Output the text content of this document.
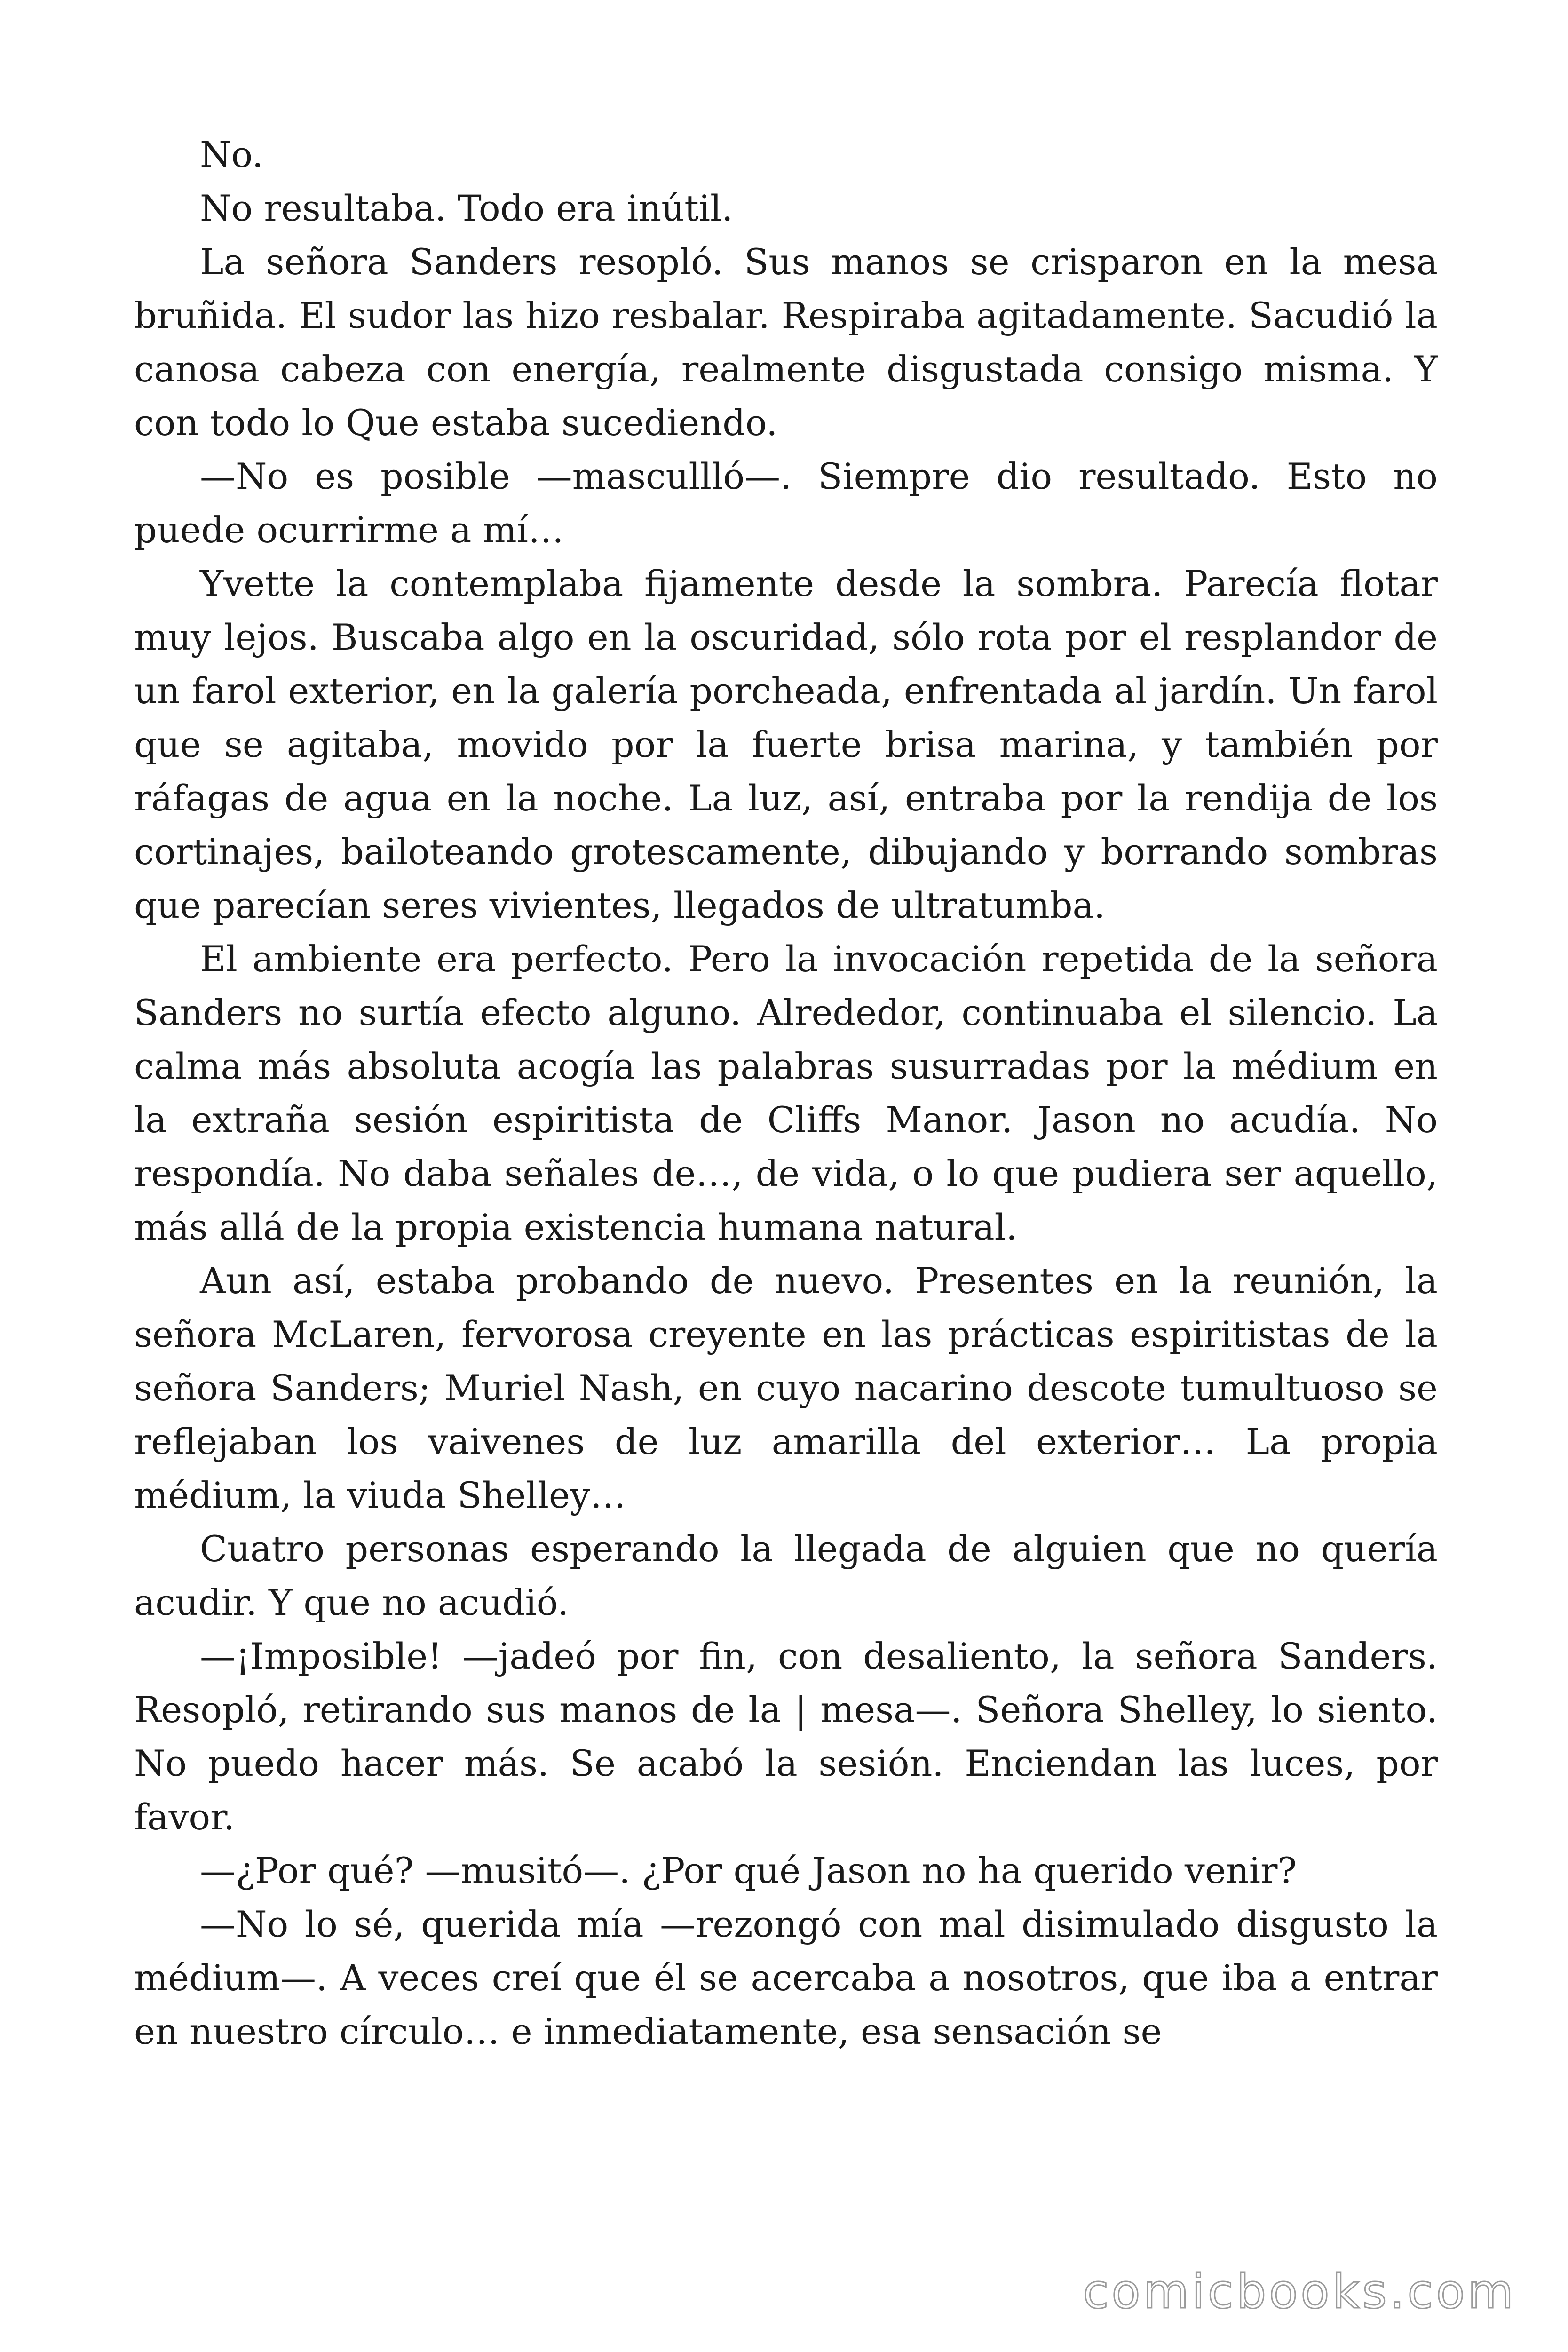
No.

No resultaba. Todo era inútil.

La señora Sanders resopló. Sus manos se crisparon en la mesa bruñida. El sudor las hizo resbalar. Respiraba agitadamente. Sacudió la canosa cabeza con energía, realmente disgustada consigo misma. Y con todo lo Que estaba sucediendo.

—No es posible —mascullló—. Siempre dio resultado. Esto no puede ocurrirme a mí…

Yvette la contemplaba fijamente desde la sombra. Parecía flotar muy lejos. Buscaba algo en la oscuridad, sólo rota por el resplandor de un farol exterior, en la galería porcheada, enfrentada al jardín. Un farol que se agitaba, movido por la fuerte brisa marina, y también por ráfagas de agua en la noche. La luz, así, entraba por la rendija de los cortinajes, bailoteando grotescamente, dibujando y borrando sombras que parecían seres vivientes, llegados de ultratumba.

El ambiente era perfecto. Pero la invocación repetida de la señora Sanders no surtía efecto alguno. Alrededor, continuaba el silencio. La calma más absoluta acogía las palabras susurradas por la médium en la extraña sesión espiritista de Cliffs Manor. Jason no acudía. No respondía. No daba señales de…, de vida, o lo que pudiera ser aquello, más allá de la propia existencia humana natural.

Aun así, estaba probando de nuevo. Presentes en la reunión, la señora McLaren, fervorosa creyente en las prácticas espiritistas de la señora Sanders; Muriel Nash, en cuyo nacarino descote tumultuoso se reflejaban los vaivenes de luz amarilla del exterior… La propia médium, la viuda Shelley…

Cuatro personas esperando la llegada de alguien que no quería acudir. Y que no acudió.

—¡Imposible! —jadeó por fin, con desaliento, la señora Sanders. Resopló, retirando sus manos de la | mesa—. Señora Shelley, lo siento. No puedo hacer más. Se acabó la sesión. Enciendan las luces, por favor.

—¿Por qué? —musitó—. ¿Por qué Jason no ha querido venir?

—No lo sé, querida mía —rezongó con mal disimulado disgusto la médium—. A veces creí que él se acercaba a nosotros, que iba a entrar en nuestro círculo… e inmediatamente, esa sensación se

comicbooks.com
